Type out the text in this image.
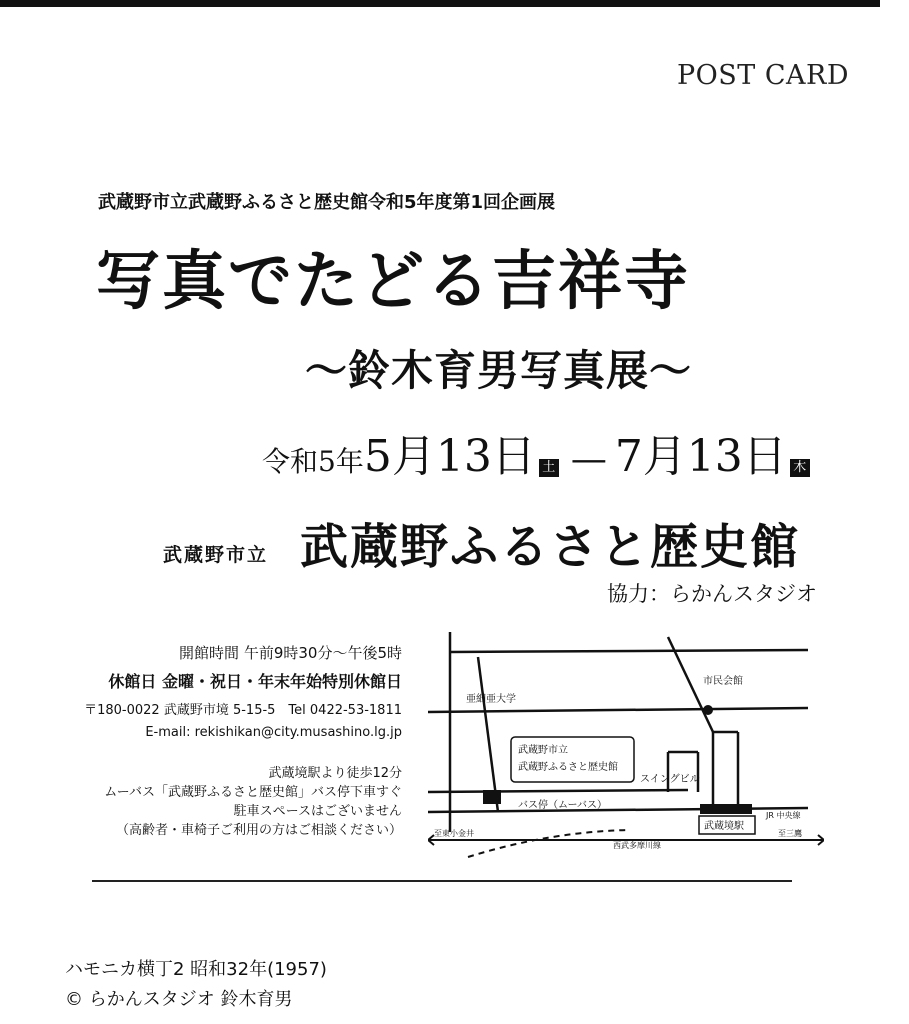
POST CARD
武蔵野市立武蔵野ふるさと歴史館令和5年度第1回企画展
写真でたどる吉祥寺
〜鈴木育男写真展〜
令和5年 5月13日 土 — 7月13日 木
武蔵野市立 武蔵野ふるさと歴史館
協力：らかんスタジオ
開館時間 午前9時30分〜午後5時
休館日 金曜・祝日・年末年始特別休館日
〒180-0022 武蔵野市境 5-15-5　Tel 0422-53-1811
E-mail: rekishikan@city.musashino.lg.jp
武蔵境駅より徒歩12分
ムーバス「武蔵野ふるさと歴史館」バス停下車すぐ
駐車スペースはございません
（高齢者・車椅子ご利用の方はご相談ください）
亜細亜大学
市民会館
武蔵野市立
武蔵野ふるさと歴史館
スイングビル
バス停（ムーバス）
JR 中央線
武蔵境駅
西武多摩川線
至東小金井	至三鷹
ハモニカ横丁2 昭和32年(1957)
© らかんスタジオ 鈴木育男
